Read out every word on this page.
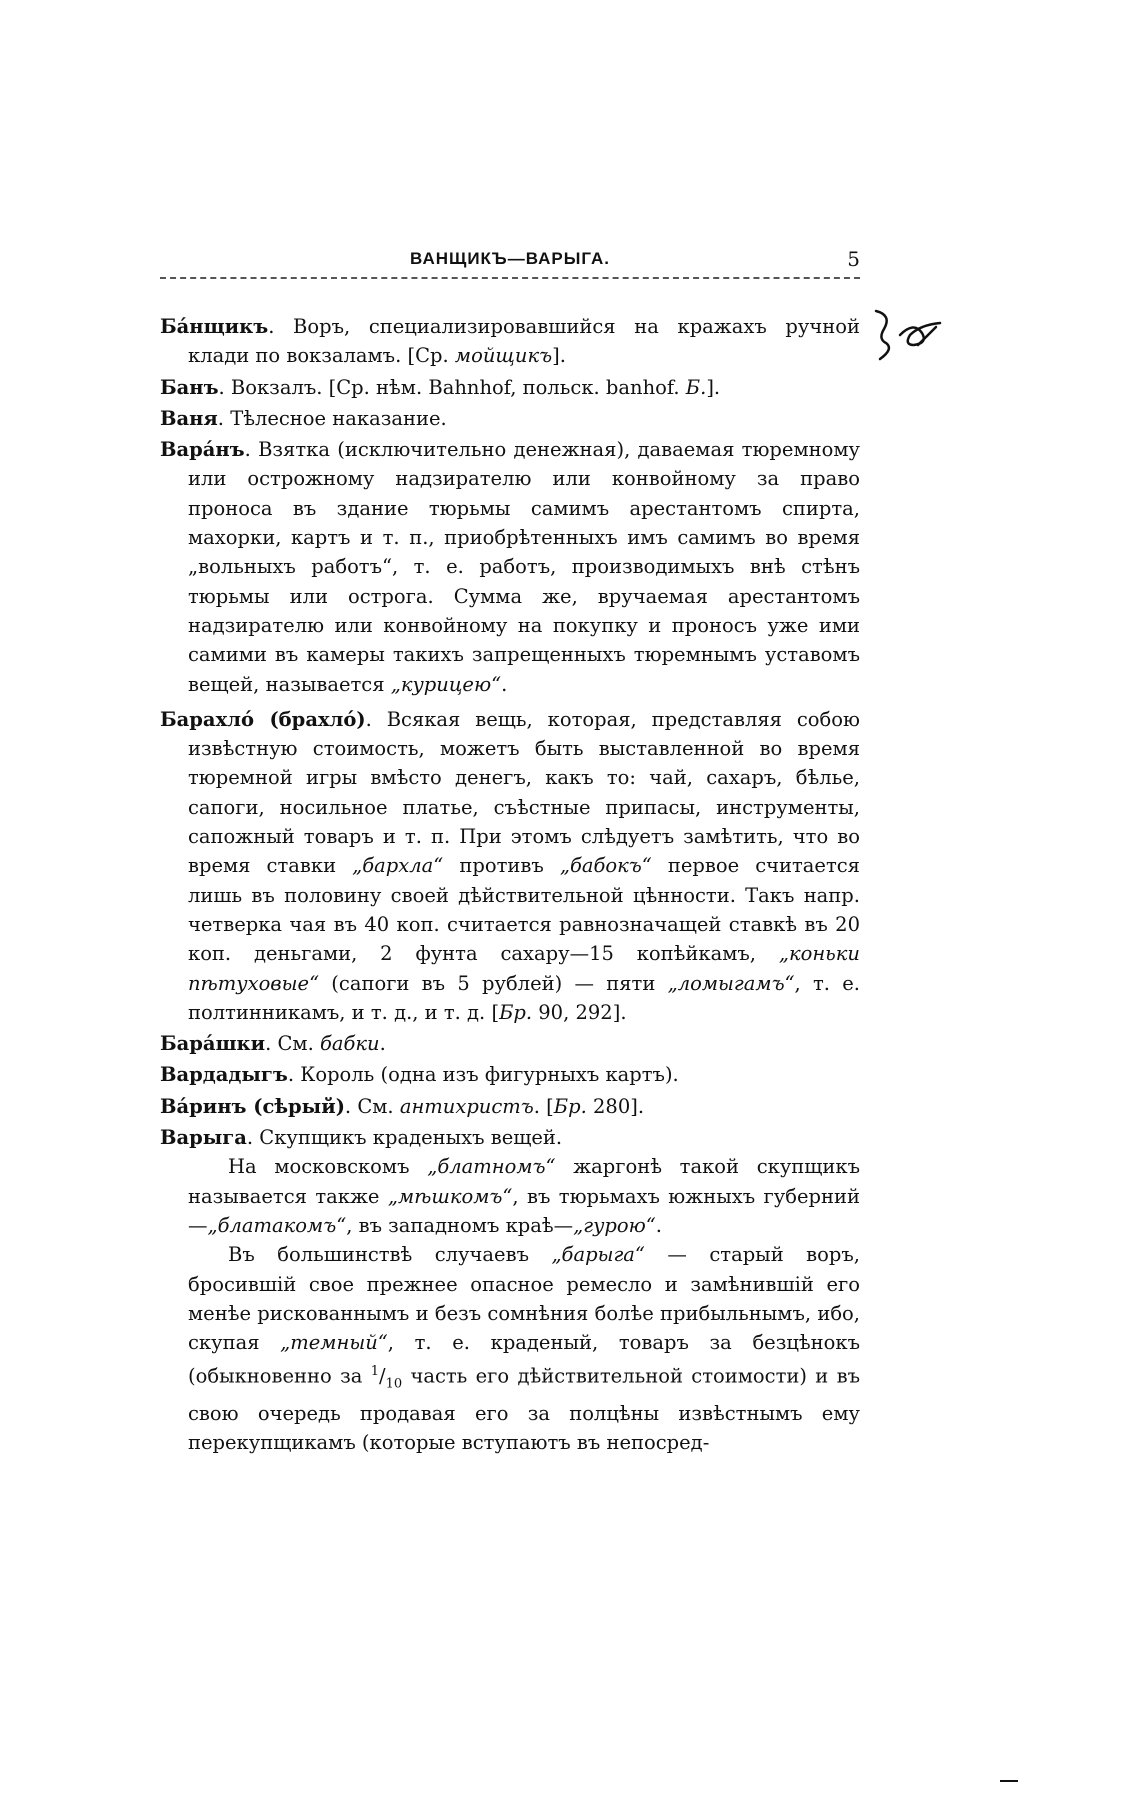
ВАНЩИКЪ—ВАРЫГА.	5

Бáнщикъ. Воръ, специализировавшийся на кражахъ ручной клади по вокзаламъ. [Ср. мойщикъ].

Банъ. Вокзалъ. [Ср. нѣм. Bahnhof, польск. banhof. Б.].

Ваня. Тѣлесное наказание.

Варáнъ. Взятка (исключительно денежная), даваемая тюремному или острожному надзирателю или конвойному за право проноса въ здание тюрьмы самимъ арестантомъ спирта, махорки, картъ и т. п., приобрѣтенныхъ имъ самимъ во время „вольныхъ работъ“, т. е. работъ, производимыхъ внѣ стѣнъ тюрьмы или острога. Сумма же, вручаемая арестантомъ надзирателю или конвойному на покупку и проносъ уже ими самими въ камеры такихъ запрещенныхъ тюремнымъ уставомъ вещей, называется „курицею“.

Барахлó (брахлó). Всякая вещь, которая, представляя собою извѣстную стоимость, можетъ быть выставленной во время тюремной игры вмѣсто денегъ, какъ то: чай, сахаръ, бѣлье, сапоги, носильное платье, съѣстные припасы, инструменты, сапожный товаръ и т. п. При этомъ слѣдуетъ замѣтить, что во время ставки „бархла“ противъ „бабокъ“ первое считается лишь въ половину своей дѣйствительной цѣнности. Такъ напр. четверка чая въ 40 коп. считается равнозначащей ставкѣ въ 20 коп. деньгами, 2 фунта сахару—15 копѣйкамъ, „коньки пѣтуховые“ (сапоги въ 5 рублей) — пяти „ломыгамъ“, т. е. полтинникамъ, и т. д., и т. д. [Бр. 90, 292].

Барáшки. См. бабки.

Вардадыгъ. Король (одна изъ фигурныхъ картъ).

Вáринъ (сѣрый). См. антихристъ. [Бр. 280].

Варыга. Скупщикъ краденыхъ вещей.

На московскомъ „блатномъ“ жаргонѣ такой скупщикъ называется также „мѣшкомъ“, въ тюрьмахъ южныхъ губерний —„блатакомъ“, въ западномъ краѣ—„гурою“.

Въ большинствѣ случаевъ „барыга“ — старый воръ, бросившій свое прежнее опасное ремесло и замѣнившій его менѣе рискованнымъ и безъ сомнѣния болѣе прибыльнымъ, ибо, скупая „темный“, т. е. краденый, товаръ за безцѣнокъ (обыкновенно за $^1/_{10}$ часть его дѣйствительной стоимости) и въ свою очередь продавая его за полцѣны извѣстнымъ ему перекупщикамъ (которые вступаютъ въ непосред-
